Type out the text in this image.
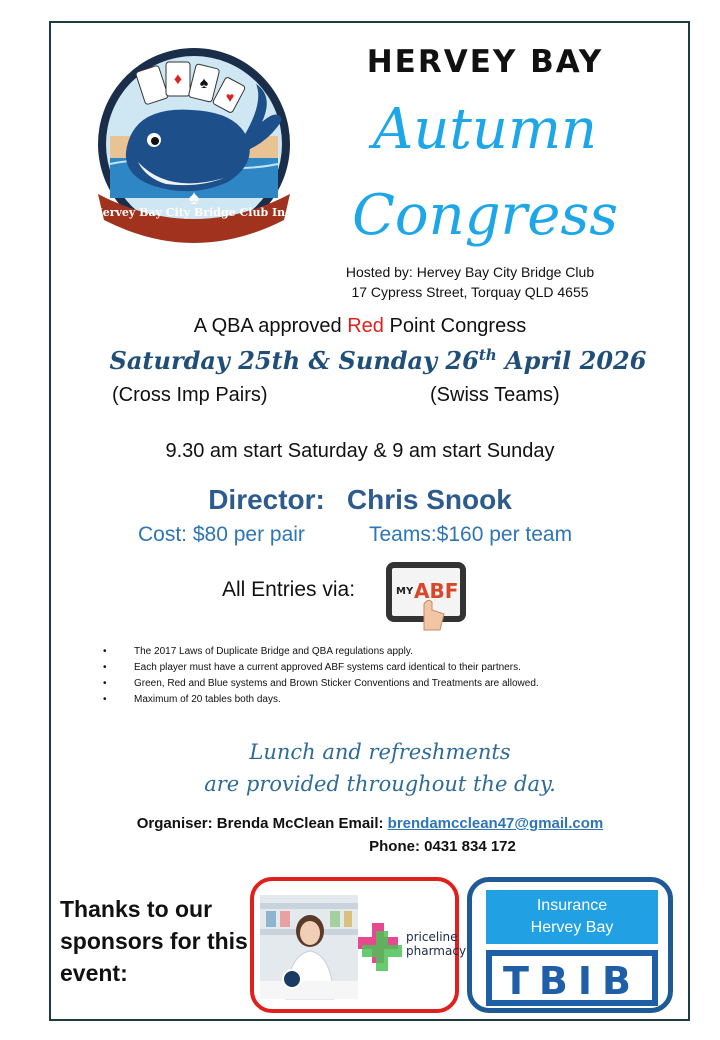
♦ ♠
♥
Hervey Bay City Bridge Club Inc.
♠
HERVEY BAY
Autumn
Congress
Hosted by: Hervey Bay City Bridge Club
17 Cypress Street, Torquay QLD 4655
A QBA approved Red Point Congress
Saturday 25th & Sunday 26th April 2026
(Cross Imp Pairs)	(Swiss Teams)
9.30 am start Saturday & 9 am start Sunday
Director: Chris Snook
Cost: $80 per pair	Teams:$160 per team
All Entries via:	MY ABF
• The 2017 Laws of Duplicate Bridge and QBA regulations apply.
• Each player must have a current approved ABF systems card identical to their partners.
• Green, Red and Blue systems and Brown Sticker Conventions and Treatments are allowed.
• Maximum of 20 tables both days.
Lunch and refreshments
are provided throughout the day.
Organiser: Brenda McClean Email: brendamcclean47@gmail.com
Phone: 0431 834 172
Thanks to our sponsors for this event:
priceline
pharmacy
Insurance
Hervey Bay
TBIB
